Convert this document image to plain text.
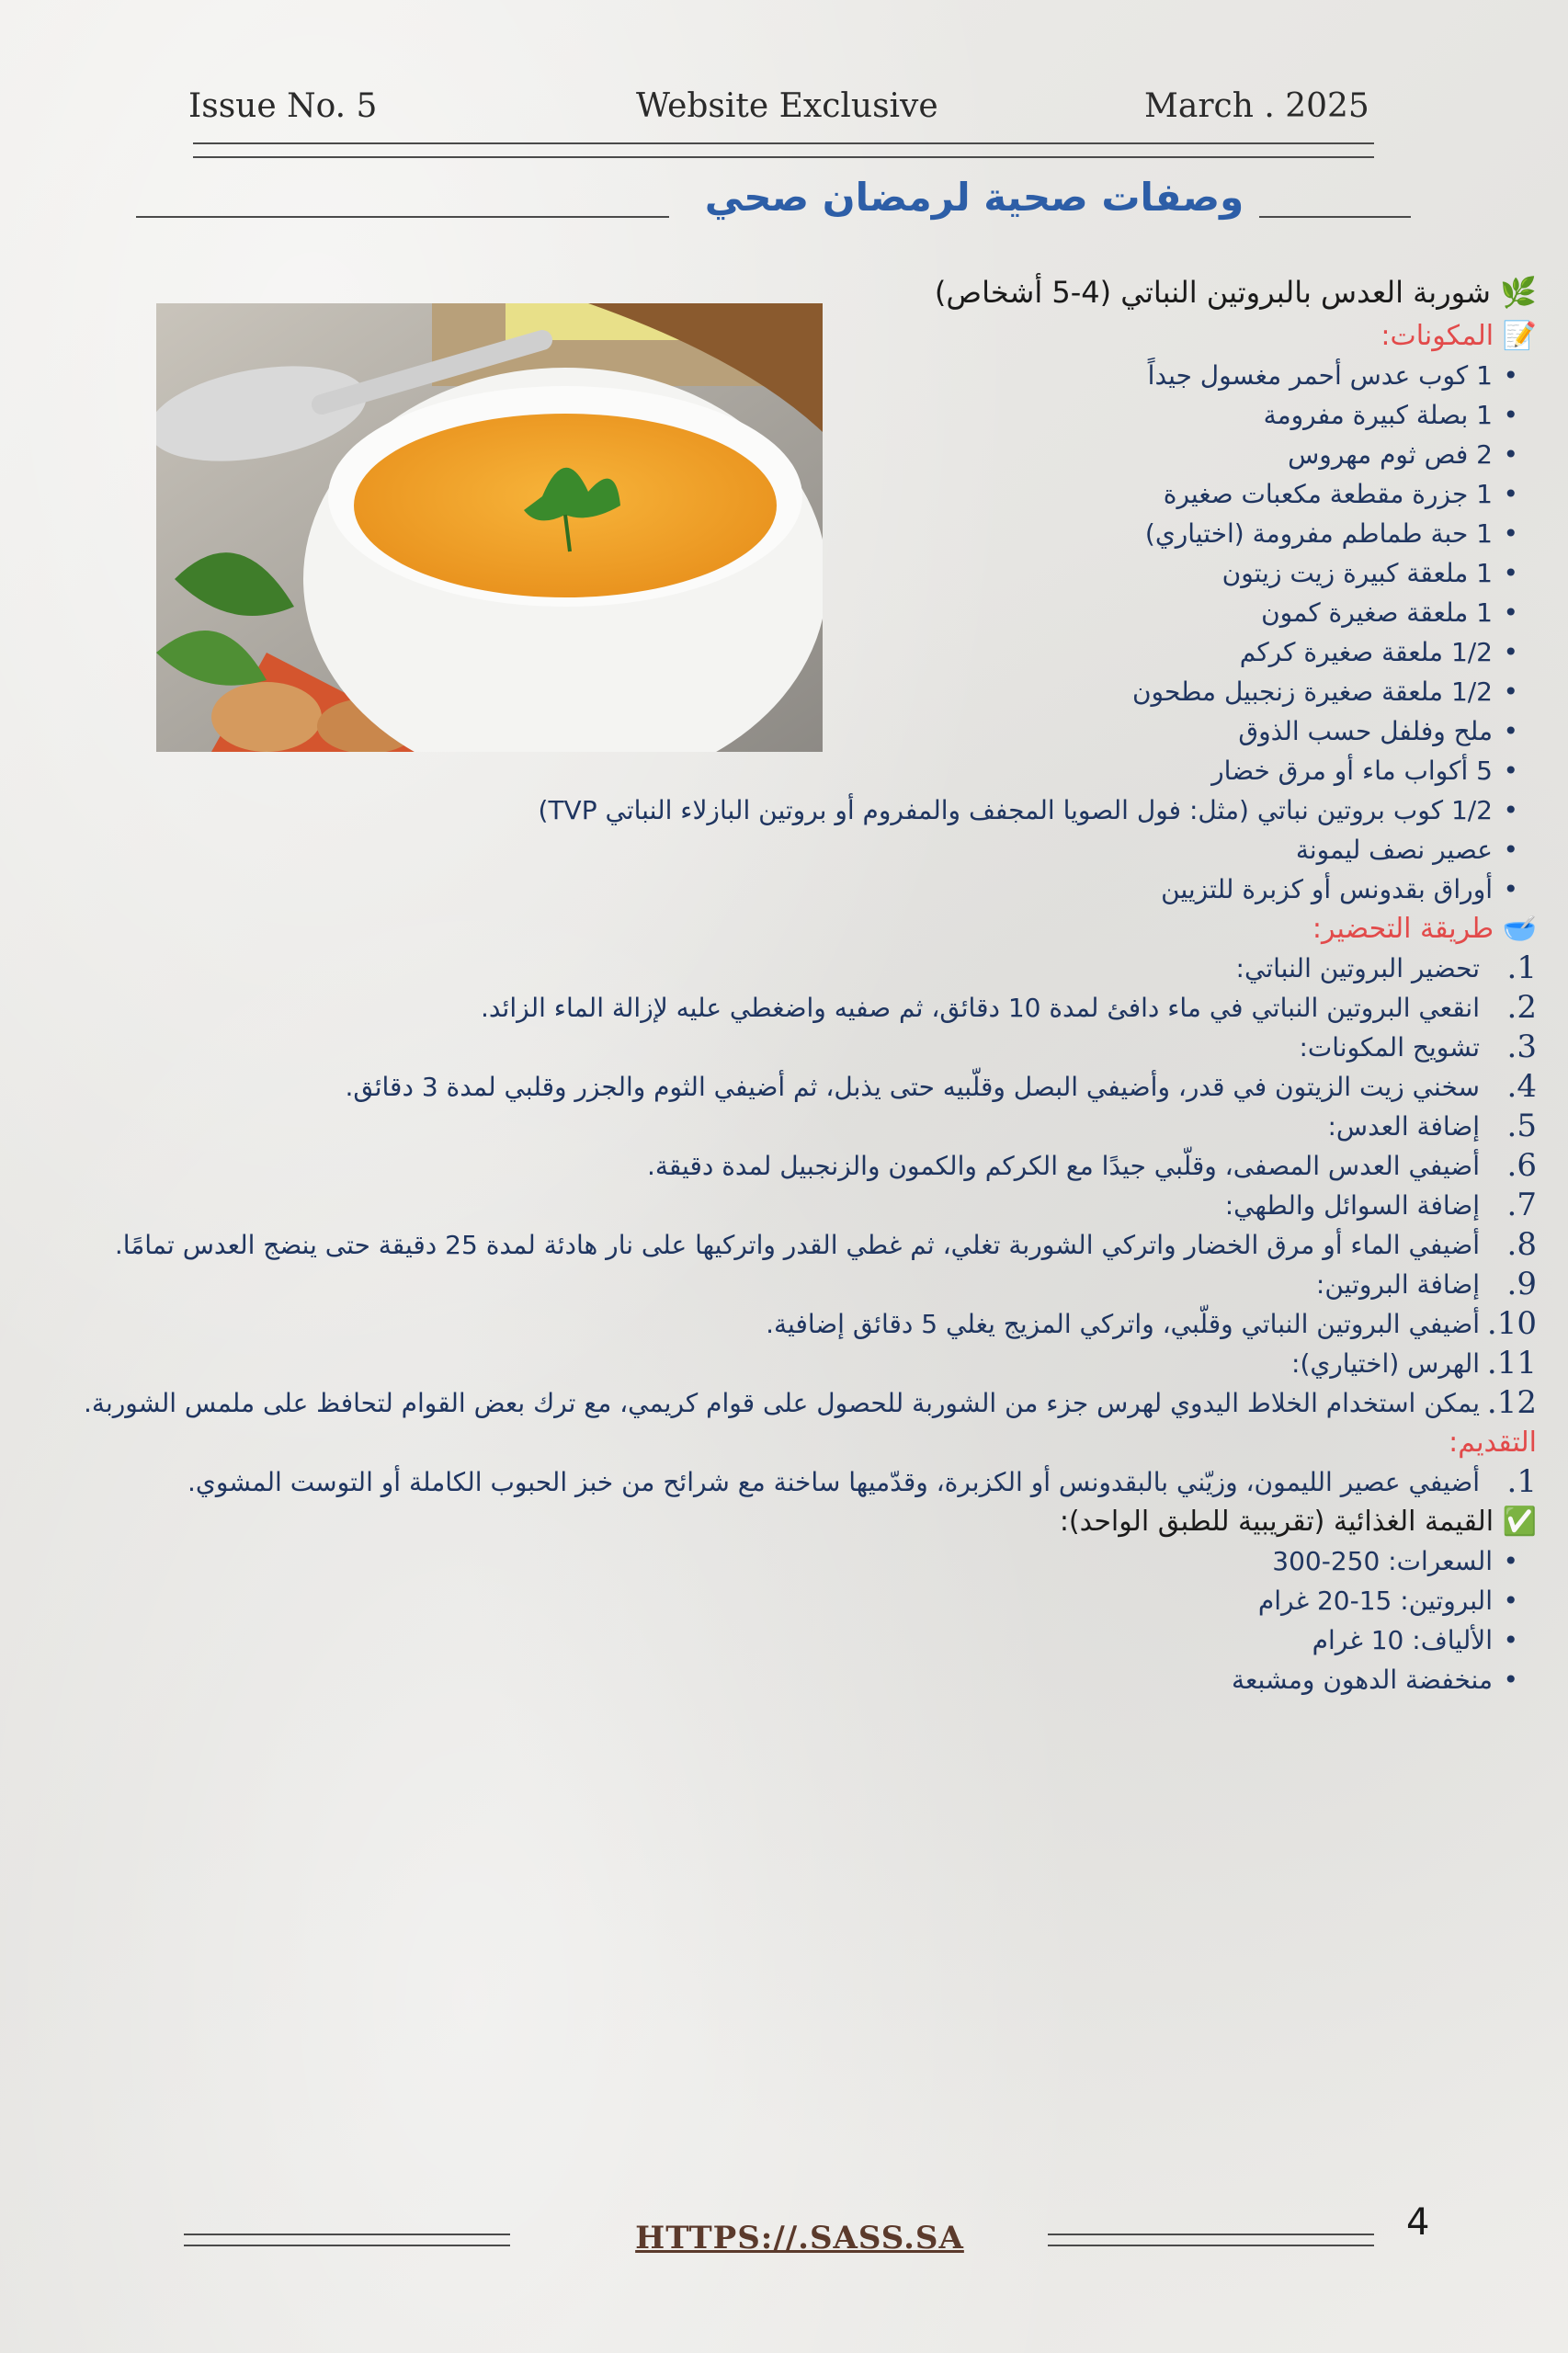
Issue No. 5	Website Exclusive	March . 2025
وصفات صحية لرمضان صحي
🌿 شوربة العدس بالبروتين النباتي (4-5 أشخاص)
📝 المكونات:
• 1 كوب عدس أحمر مغسول جيداً
• 1 بصلة كبيرة مفرومة
• 2 فص ثوم مهروس
• 1 جزرة مقطعة مكعبات صغيرة
• 1 حبة طماطم مفرومة (اختياري)
• 1 ملعقة كبيرة زيت زيتون
• 1 ملعقة صغيرة كمون
• 1/2 ملعقة صغيرة كركم
• 1/2 ملعقة صغيرة زنجبيل مطحون
• ملح وفلفل حسب الذوق
• 5 أكواب ماء أو مرق خضار
• 1/2 كوب بروتين نباتي (مثل: فول الصويا المجفف والمفروم أو بروتين البازلاء النباتي TVP)
• عصير نصف ليمونة
• أوراق بقدونس أو كزبرة للتزيين
🥣 طريقة التحضير:
1.
تحضير البروتين النباتي:
2.
انقعي البروتين النباتي في ماء دافئ لمدة 10 دقائق، ثم صفيه واضغطي عليه لإزالة الماء الزائد.
3.
تشويح المكونات:
4.
سخني زيت الزيتون في قدر، وأضيفي البصل وقلّبيه حتى يذبل، ثم أضيفي الثوم والجزر وقلبي لمدة 3 دقائق.
5.
إضافة العدس:
6.
أضيفي العدس المصفى، وقلّبي جيدًا مع الكركم والكمون والزنجبيل لمدة دقيقة.
7.
إضافة السوائل والطهي:
8.
أضيفي الماء أو مرق الخضار واتركي الشوربة تغلي، ثم غطي القدر واتركيها على نار هادئة لمدة 25 دقيقة حتى ينضج العدس تمامًا.
9.
إضافة البروتين:
10.
أضيفي البروتين النباتي وقلّبي، واتركي المزيج يغلي 5 دقائق إضافية.
11.
الهرس (اختياري):
12.
يمكن استخدام الخلاط اليدوي لهرس جزء من الشوربة للحصول على قوام كريمي، مع ترك بعض القوام لتحافظ على ملمس الشوربة.
التقديم:
1.
أضيفي عصير الليمون، وزيّني بالبقدونس أو الكزبرة، وقدّميها ساخنة مع شرائح من خبز الحبوب الكاملة أو التوست المشوي.
✅ القيمة الغذائية (تقريبية للطبق الواحد):
• السعرات: 250-300
• البروتين: 15-20 غرام
• الألياف: 10 غرام
• منخفضة الدهون ومشبعة
HTTPS://.SASS.SA	4
